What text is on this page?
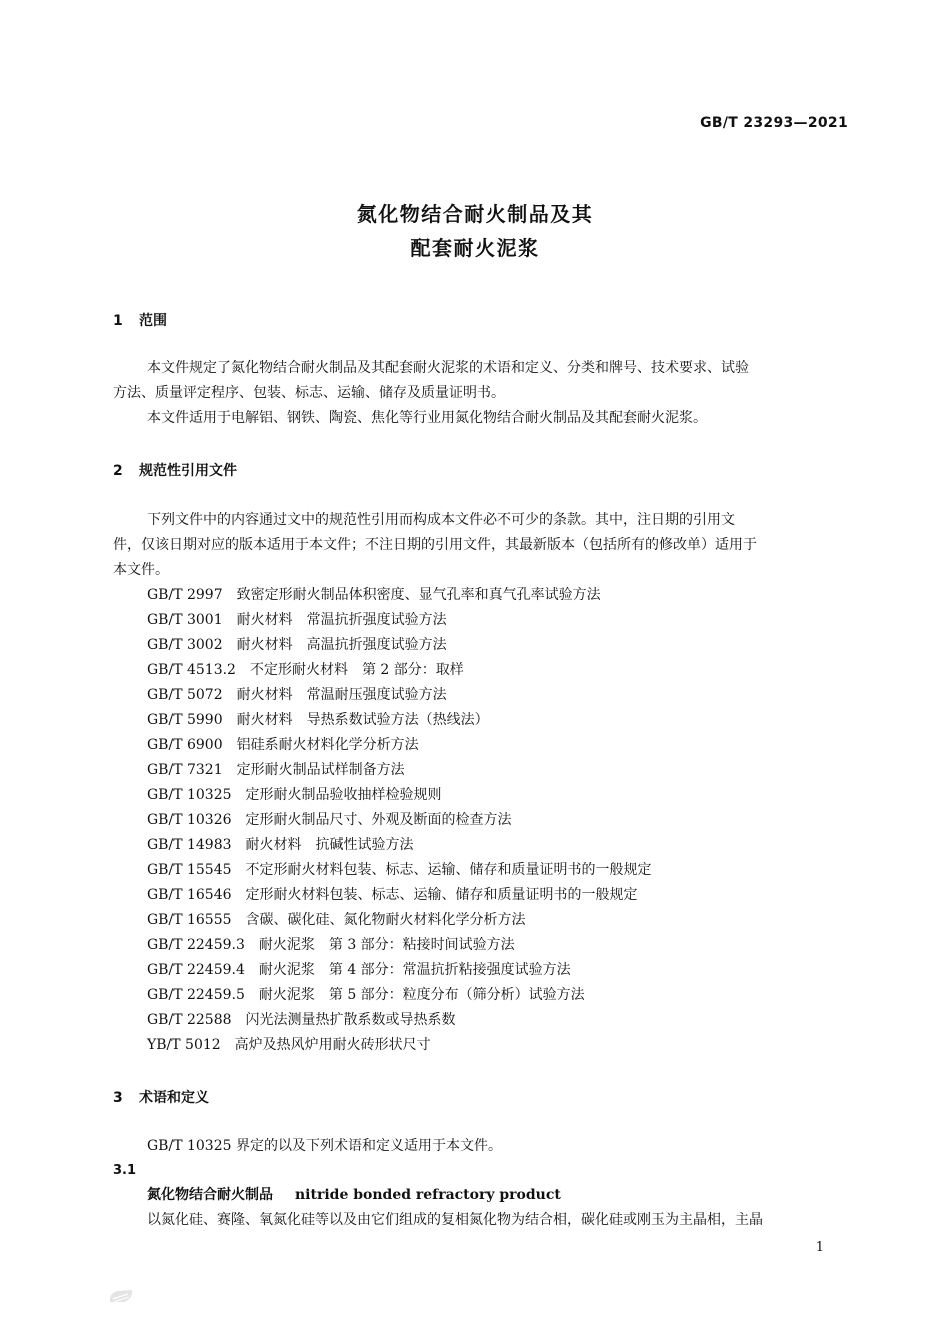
GB/T 23293—2021
氮化物结合耐火制品及其
配套耐火泥浆
1 范围
本文件规定了氮化物结合耐火制品及其配套耐火泥浆的术语和定义、分类和牌号、技术要求、试验
方法、质量评定程序、包装、标志、运输、储存及质量证明书。
本文件适用于电解铝、钢铁、陶瓷、焦化等行业用氮化物结合耐火制品及其配套耐火泥浆。
2 规范性引用文件
下列文件中的内容通过文中的规范性引用而构成本文件必不可少的条款。其中，注日期的引用文
件，仅该日期对应的版本适用于本文件；不注日期的引用文件，其最新版本（包括所有的修改单）适用于
本文件。
GB/T 2997 致密定形耐火制品体积密度、显气孔率和真气孔率试验方法
GB/T 3001 耐火材料　常温抗折强度试验方法
GB/T 3002 耐火材料　高温抗折强度试验方法
GB/T 4513.2 不定形耐火材料　第 2 部分：取样
GB/T 5072 耐火材料　常温耐压强度试验方法
GB/T 5990 耐火材料　导热系数试验方法（热线法）
GB/T 6900 铝硅系耐火材料化学分析方法
GB/T 7321 定形耐火制品试样制备方法
GB/T 10325 定形耐火制品验收抽样检验规则
GB/T 10326 定形耐火制品尺寸、外观及断面的检查方法
GB/T 14983 耐火材料　抗碱性试验方法
GB/T 15545 不定形耐火材料包装、标志、运输、储存和质量证明书的一般规定
GB/T 16546 定形耐火材料包装、标志、运输、储存和质量证明书的一般规定
GB/T 16555 含碳、碳化硅、氮化物耐火材料化学分析方法
GB/T 22459.3 耐火泥浆　第 3 部分：粘接时间试验方法
GB/T 22459.4 耐火泥浆　第 4 部分：常温抗折粘接强度试验方法
GB/T 22459.5 耐火泥浆　第 5 部分：粒度分布（筛分析）试验方法
GB/T 22588 闪光法测量热扩散系数或导热系数
YB/T 5012 高炉及热风炉用耐火砖形状尺寸
3 术语和定义
GB/T 10325 界定的以及下列术语和定义适用于本文件。
3.1
氮化物结合耐火制品 nitride bonded refractory product
以氮化硅、赛隆、氧氮化硅等以及由它们组成的复相氮化物为结合相，碳化硅或刚玉为主晶相，主晶
1
